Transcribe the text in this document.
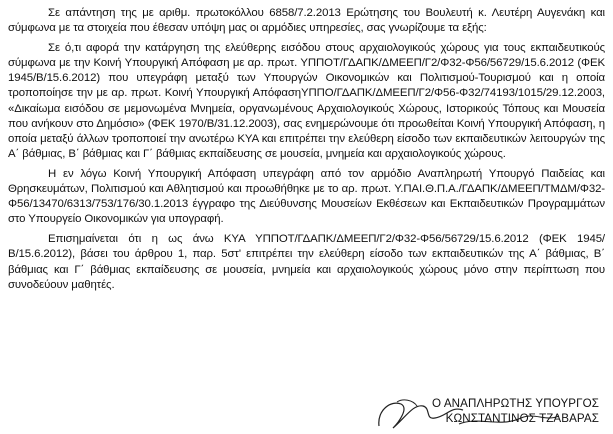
Σε απάντηση της με αριθμ. πρωτοκόλλου 6858/7.2.2013 Ερώτησης του Βουλευτή κ. Λευτέρη Αυγενάκη και σύμφωνα με τα στοιχεία που έθεσαν υπόψη μας οι αρμόδιες υπηρεσίες, σας γνωρίζουμε τα εξής:

Σε ό,τι αφορά την κατάργηση της ελεύθερης εισόδου στους αρχαιολογικούς χώρους για τους εκπαιδευτικούς σύμφωνα με την Κοινή Υπουργική Απόφαση με αρ. πρωτ. ΥΠΠΟΤ/ΓΔΑΠΚ/ΔΜΕΕΠ/Γ2/Φ32-Φ56/56729/15.6.2012 (ΦΕΚ 1945/Β/15.6.2012) που υπεγράφη μεταξύ των Υπουργών Οικονομικών και Πολιτισμού-Τουρισμού και η οποία τροποποίησε την με αρ. πρωτ. Κοινή Υπουργική ΑπόφασηΥΠΠΟ/ΓΔΑΠΚ/ΔΜΕΕΠ/Γ2/Φ56-Φ32/74193/1015/29.12.2003, «Δικαίωμα εισόδου σε μεμονωμένα Μνημεία, οργανωμένους Αρχαιολογικούς Χώρους, Ιστορικούς Τόπους και Μουσεία που ανήκουν στο Δημόσιο» (ΦΕΚ 1970/Β/31.12.2003), σας ενημερώνουμε ότι προωθείται Κοινή Υπουργική Απόφαση, η οποία μεταξύ άλλων τροποποιεί την ανωτέρω ΚΥΑ και επιτρέπει την ελεύθερη είσοδο των εκπαιδευτικών λειτουργών της Α΄ βάθμιας, Β΄ βάθμιας και Γ΄ βάθμιας εκπαίδευσης σε μουσεία, μνημεία και αρχαιολογικούς χώρους.

Η εν λόγω Κοινή Υπουργική Απόφαση υπεγράφη από τον αρμόδιο Αναπληρωτή Υπουργό Παιδείας και Θρησκευμάτων, Πολιτισμού και Αθλητισμού και προωθήθηκε με το αρ. πρωτ. Υ.ΠΑΙ.Θ.Π.Α./ΓΔΑΠΚ/ΔΜΕΕΠ/ΤΜΔΜ/Φ32-Φ56/13470/6313/753/176/30.1.2013 έγγραφο της Διεύθυνσης Μουσείων Εκθέσεων και Εκπαιδευτικών Προγραμμάτων στο Υπουργείο Οικονομικών για υπογραφή.

Επισημαίνεται ότι η ως άνω ΚΥΑ ΥΠΠΟΤ/ΓΔΑΠΚ/ΔΜΕΕΠ/Γ2/Φ32-Φ56/56729/15.6.2012 (ΦΕΚ 1945/Β/15.6.2012), βάσει του άρθρου 1, παρ. 5στ' επιτρέπει την ελεύθερη είσοδο των εκπαιδευτικών της Α΄ βάθμιας, Β΄ βάθμιας και Γ΄ βάθμιας εκπαίδευσης σε μουσεία, μνημεία και αρχαιολογικούς χώρους μόνο στην περίπτωση που συνοδεύουν μαθητές.

Ο ΑΝΑΠΛΗΡΩΤΗΣ ΥΠΟΥΡΓΟΣ
ΚΩΝΣΤΑΝΤΙΝΟΣ ΤΖΑΒΑΡΑΣ
